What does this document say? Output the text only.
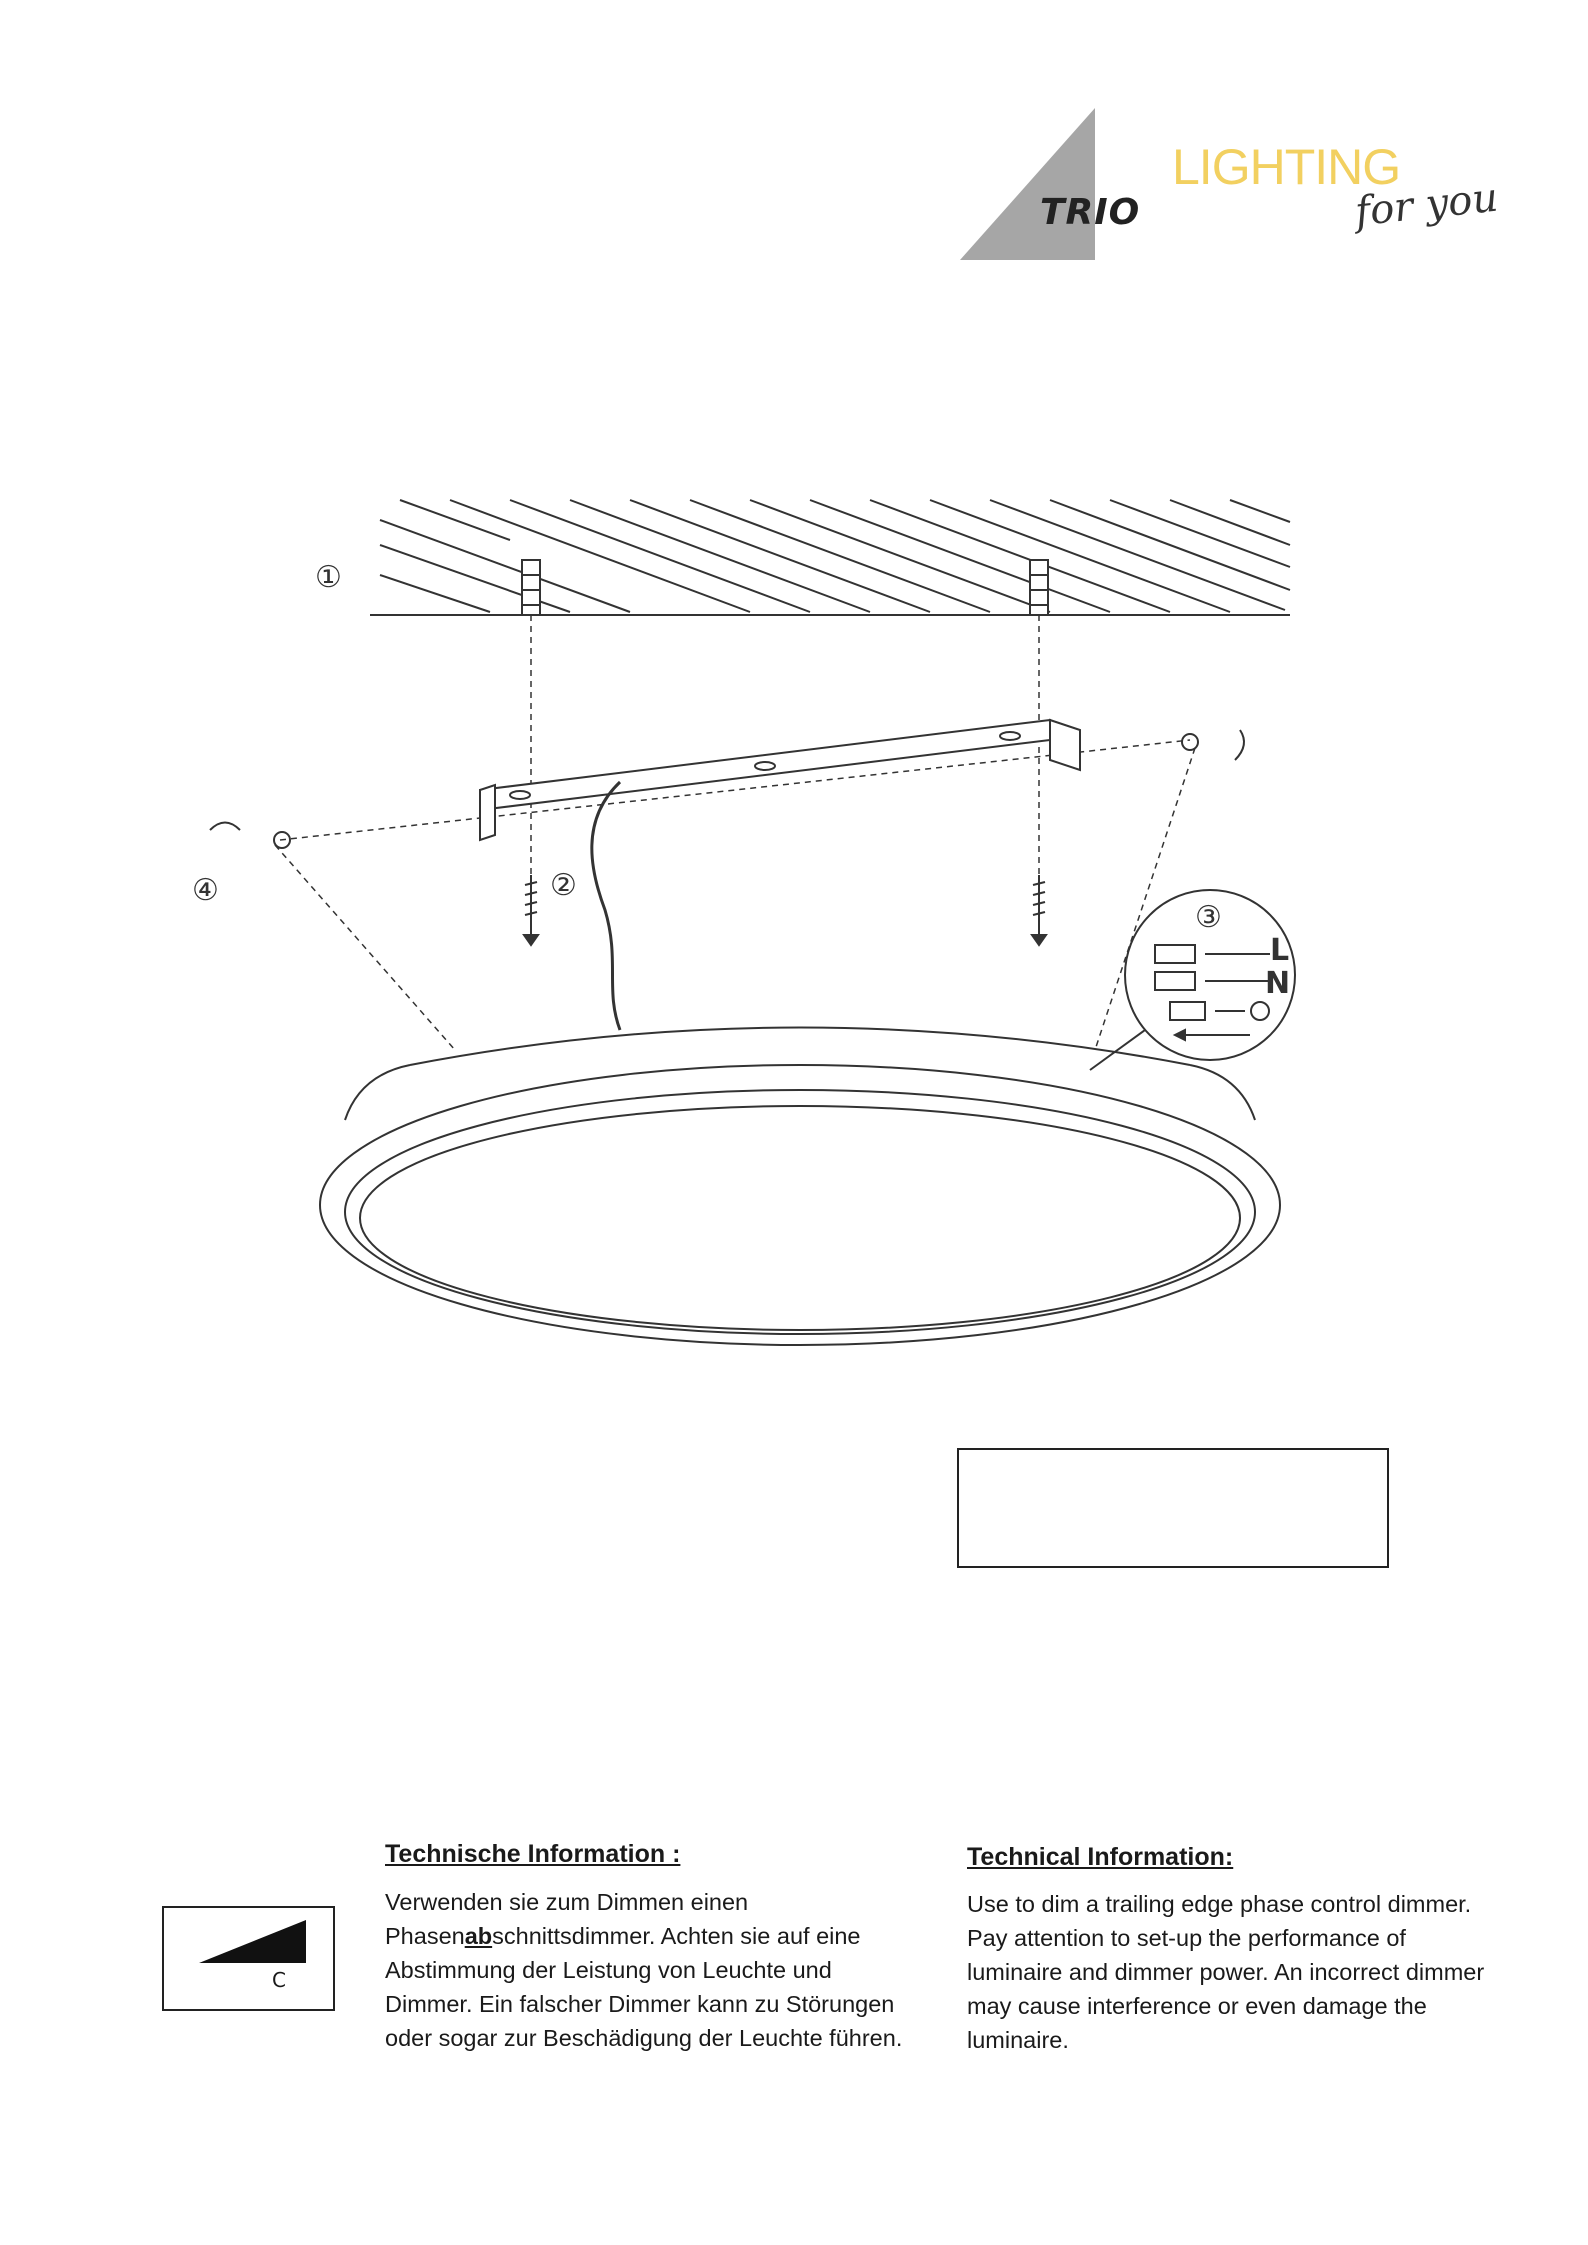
TRIO
LIGHTING
for you
①
②
③
④
L
N
C
Technische Information :
Verwenden sie zum Dimmen einen Phasenabschnittsdimmer. Achten sie auf eine Abstimmung der Leistung von Leuchte und Dimmer. Ein falscher Dimmer kann zu Störungen oder sogar zur Beschädigung der Leuchte führen.
Technical Information:
Use to dim a trailing edge phase control dimmer. Pay attention to set-up the performance of luminaire and dimmer power. An incorrect dimmer may cause interference or even damage the luminaire.
